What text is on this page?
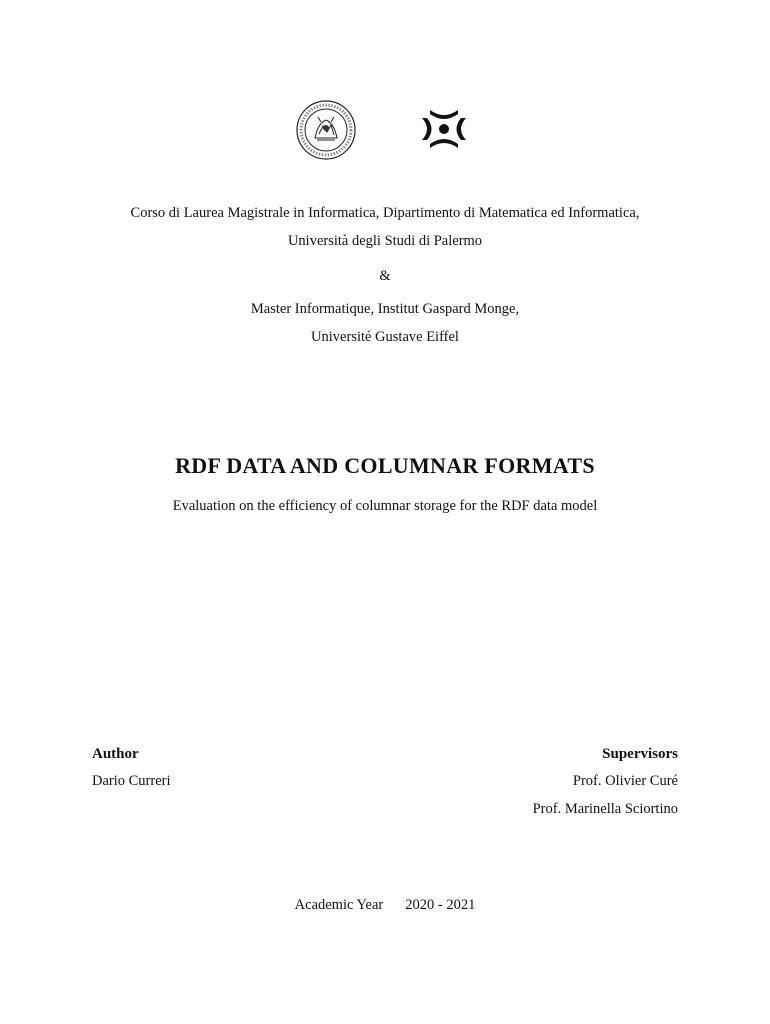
Corso di Laurea Magistrale in Informatica, Dipartimento di Matematica ed Informatica,
Università degli Studi di Palermo
&
Master Informatique, Institut Gaspard Monge,
Université Gustave Eiffel
RDF DATA AND COLUMNAR FORMATS
Evaluation on the efficiency of columnar storage for the RDF data model
Author
Dario Curreri
Supervisors
Prof. Olivier Curé
Prof. Marinella Sciortino
Academic Year 2020 - 2021
